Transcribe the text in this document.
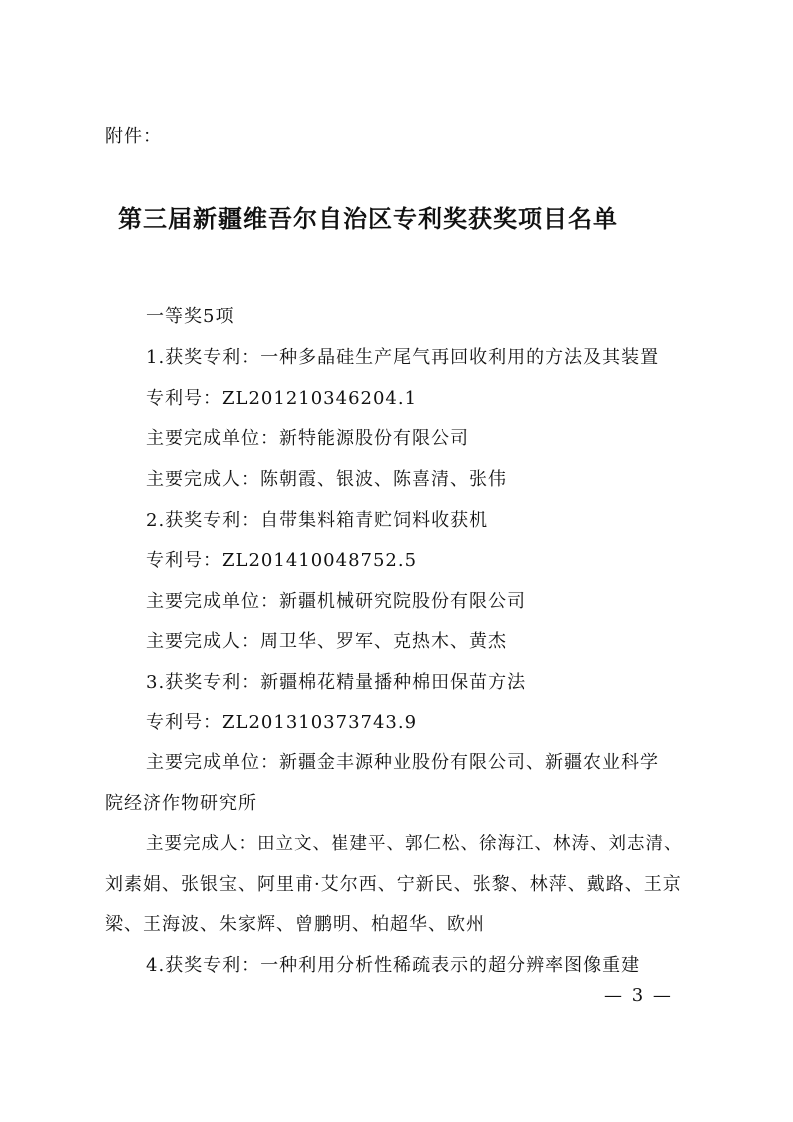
附件：
第三届新疆维吾尔自治区专利奖获奖项目名单
一等奖5项
1.获奖专利：一种多晶硅生产尾气再回收利用的方法及其装置
专利号：ZL201210346204.1
主要完成单位：新特能源股份有限公司
主要完成人：陈朝霞、银波、陈喜清、张伟
2.获奖专利：自带集料箱青贮饲料收获机
专利号：ZL201410048752.5
主要完成单位：新疆机械研究院股份有限公司
主要完成人：周卫华、罗军、克热木、黄杰
3.获奖专利：新疆棉花精量播种棉田保苗方法
专利号：ZL201310373743.9
主要完成单位：新疆金丰源种业股份有限公司、新疆农业科学
院经济作物研究所
主要完成人：田立文、崔建平、郭仁松、徐海江、林涛、刘志清、
刘素娟、张银宝、阿里甫·艾尔西、宁新民、张黎、林萍、戴路、王京
梁、王海波、朱家辉、曾鹏明、柏超华、欧州
4.获奖专利：一种利用分析性稀疏表示的超分辨率图像重建
— 3 —
